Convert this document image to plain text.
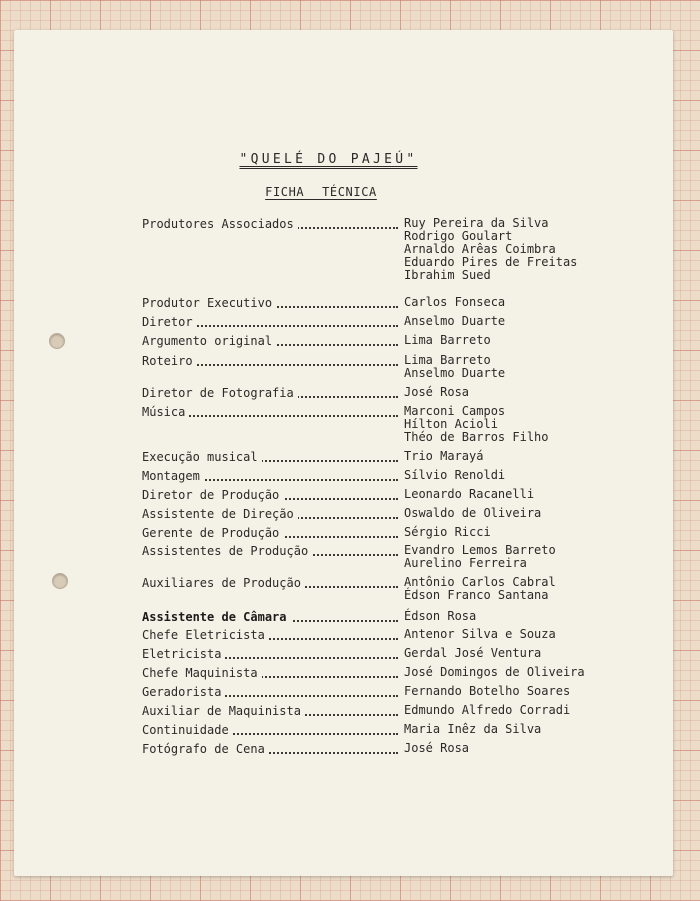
"QUELÉ DO PAJEÚ"
FICHA TÉCNICA
Produtores Associados	Ruy Pereira da Silva
Rodrigo Goulart
Arnaldo Arêas Coimbra
Eduardo Pires de Freitas
Ibrahim Sued
Produtor Executivo	Carlos Fonseca
Diretor	Anselmo Duarte
Argumento original	Lima Barreto
Roteiro	Lima Barreto
Anselmo Duarte
Diretor de Fotografia	José Rosa
Música	Marconi Campos
Hílton Acioli
Théo de Barros Filho
Execução musical	Trio Marayá
Montagem	Sílvio Renoldi
Diretor de Produção	Leonardo Racanelli
Assistente de Direção	Oswaldo de Oliveira
Gerente de Produção	Sérgio Ricci
Assistentes de Produção	Evandro Lemos Barreto
Aurelino Ferreira
Auxiliares de Produção	Antônio Carlos Cabral
Édson Franco Santana
Assistente de Câmara	Édson Rosa
Chefe Eletricista	Antenor Silva e Souza
Eletricista	Gerdal José Ventura
Chefe Maquinista	José Domingos de Oliveira
Geradorista	Fernando Botelho Soares
Auxiliar de Maquinista	Edmundo Alfredo Corradi
Continuidade	Maria Inêz da Silva
Fotógrafo de Cena	José Rosa
